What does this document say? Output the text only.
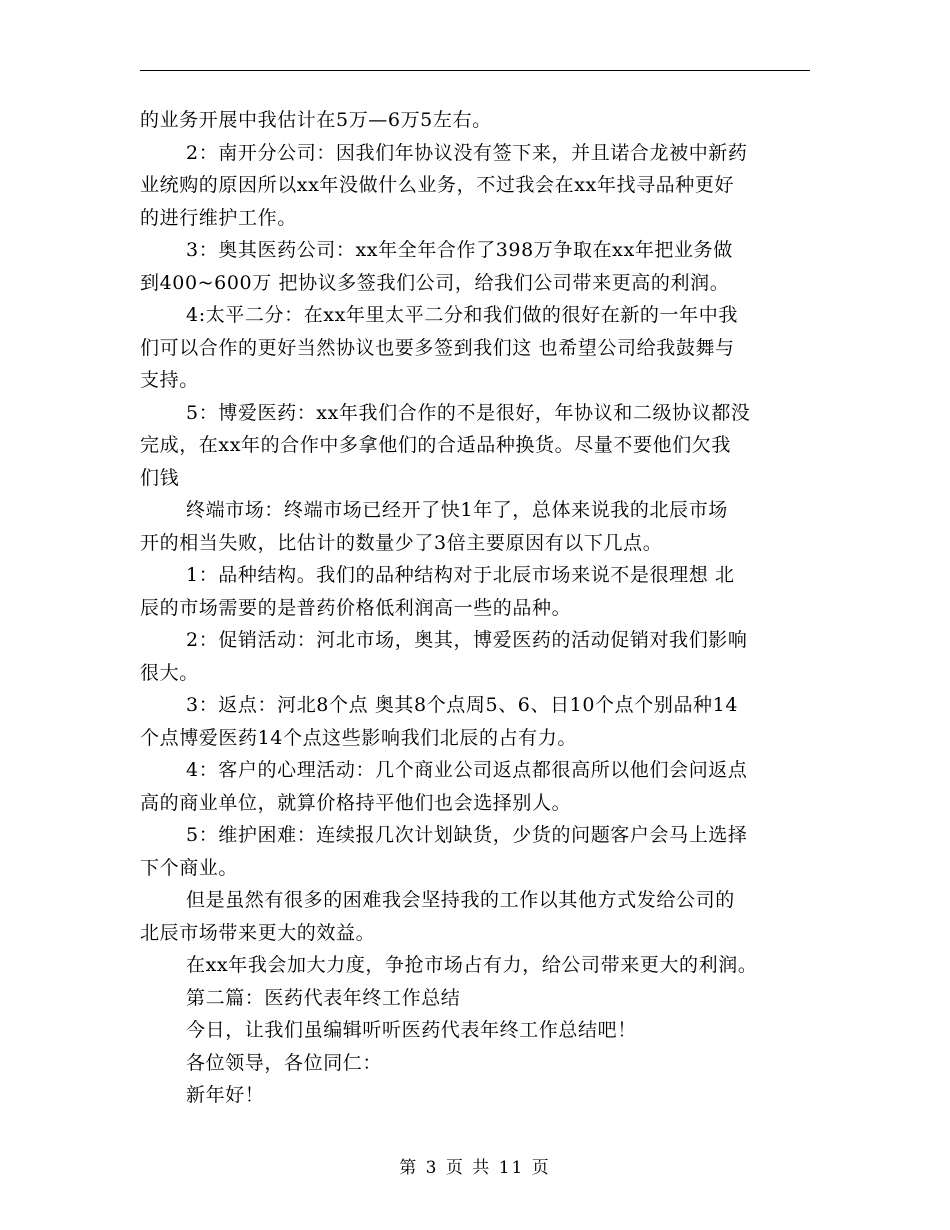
的业务开展中我估计在5万—6万5左右。
2：南开分公司：因我们年协议没有签下来，并且诺合龙被中新药
业统购的原因所以xx年没做什么业务，不过我会在xx年找寻品种更好
的进行维护工作。
3：奥其医药公司：xx年全年合作了398万争取在xx年把业务做
到400~600万 把协议多签我们公司，给我们公司带来更高的利润。
4:太平二分：在xx年里太平二分和我们做的很好在新的一年中我
们可以合作的更好当然协议也要多签到我们这 也希望公司给我鼓舞与
支持。
5：博爱医药：xx年我们合作的不是很好，年协议和二级协议都没
完成，在xx年的合作中多拿他们的合适品种换货。尽量不要他们欠我
们钱
终端市场：终端市场已经开了快1年了，总体来说我的北辰市场
开的相当失败，比估计的数量少了3倍主要原因有以下几点。
1：品种结构。我们的品种结构对于北辰市场来说不是很理想 北
辰的市场需要的是普药价格低利润高一些的品种。
2：促销活动：河北市场，奥其，博爱医药的活动促销对我们影响
很大。
3：返点：河北8个点 奥其8个点周5、6、日10个点个别品种14
个点博爱医药14个点这些影响我们北辰的占有力。
4：客户的心理活动：几个商业公司返点都很高所以他们会问返点
高的商业单位，就算价格持平他们也会选择别人。
5：维护困难：连续报几次计划缺货，少货的问题客户会马上选择
下个商业。
但是虽然有很多的困难我会坚持我的工作以其他方式发给公司的
北辰市场带来更大的效益。
在xx年我会加大力度，争抢市场占有力，给公司带来更大的利润。
第二篇：医药代表年终工作总结
今日，让我们虽编辑听听医药代表年终工作总结吧！
各位领导，各位同仁：
新年好！
第 3 页 共 11 页
